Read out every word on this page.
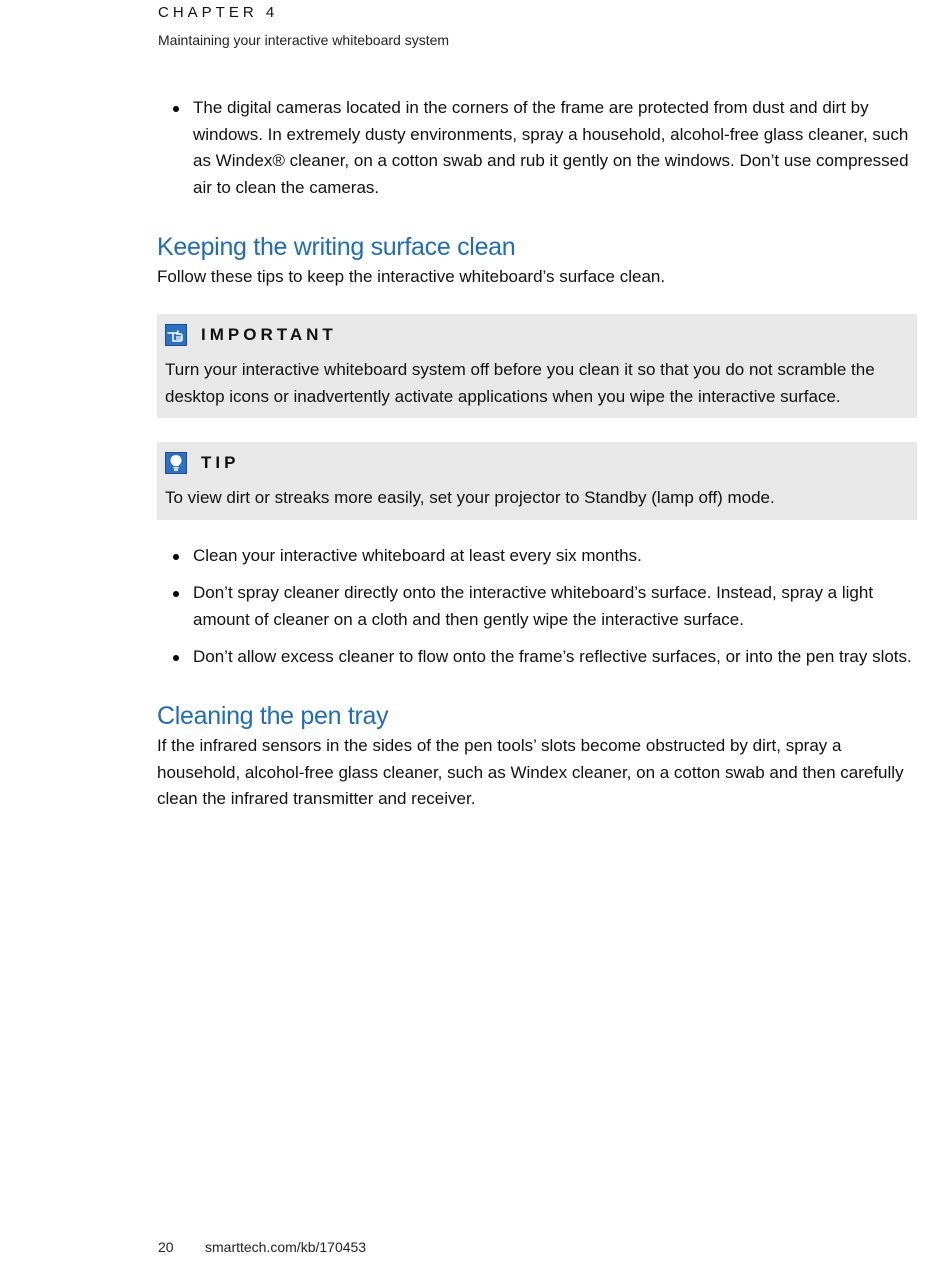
CHAPTER 4
Maintaining your interactive whiteboard system
The digital cameras located in the corners of the frame are protected from dust and dirt by windows. In extremely dusty environments, spray a household, alcohol-free glass cleaner, such as Windex® cleaner, on a cotton swab and rub it gently on the windows. Don’t use compressed air to clean the cameras.
Keeping the writing surface clean

Follow these tips to keep the interactive whiteboard’s surface clean.

IMPORTANT

Turn your interactive whiteboard system off before you clean it so that you do not scramble the desktop icons or inadvertently activate applications when you wipe the interactive surface.

TIP

To view dirt or streaks more easily, set your projector to Standby (lamp off) mode.

Clean your interactive whiteboard at least every six months.
Don’t spray cleaner directly onto the interactive whiteboard’s surface. Instead, spray a light amount of cleaner on a cloth and then gently wipe the interactive surface.
Don’t allow excess cleaner to flow onto the frame’s reflective surfaces, or into the pen tray slots.
Cleaning the pen tray

If the infrared sensors in the sides of the pen tools’ slots become obstructed by dirt, spray a household, alcohol-free glass cleaner, such as Windex cleaner, on a cotton swab and then carefully clean the infrared transmitter and receiver.

20 smarttech.com/kb/170453
